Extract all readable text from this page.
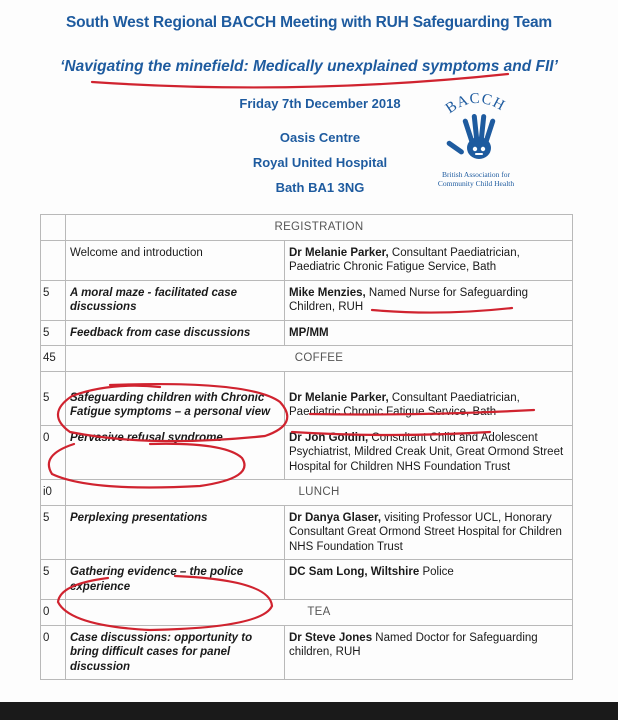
South West Regional BACCH Meeting with RUH Safeguarding Team
‘Navigating the minefield: Medically unexplained symptoms and FII’
Friday 7th December 2018
Oasis Centre
Royal United Hospital
Bath BA1 3NG
BACCH
British Association for
Community Child Health
	REGISTRATION	
	Welcome and introduction	Dr Melanie Parker, Consultant Paediatrician, Paediatric Chronic Fatigue Service, Bath
5	A moral maze - facilitated case discussions	Mike Menzies, Named Nurse for Safeguarding Children, RUH
5	Feedback from case discussions	MP/MM
45	COFFEE	
5	Safeguarding children with Chronic Fatigue symptoms – a personal view	Dr Melanie Parker, Consultant Paediatrician, Paediatric Chronic Fatigue Service, Bath
0	Pervasive refusal syndrome	Dr Jon Goldin, Consultant Child and Adolescent Psychiatrist, Mildred Creak Unit, Great Ormond Street Hospital for Children NHS Foundation Trust
i0	LUNCH	
5	Perplexing presentations	Dr Danya Glaser, visiting Professor UCL, Honorary Consultant Great Ormond Street Hospital for Children NHS Foundation Trust
5	Gathering evidence – the police experience	DC Sam Long, Wiltshire Police
0	TEA	
0	Case discussions: opportunity to bring difficult cases for panel discussion	Dr Steve Jones Named Doctor for Safeguarding children, RUH
